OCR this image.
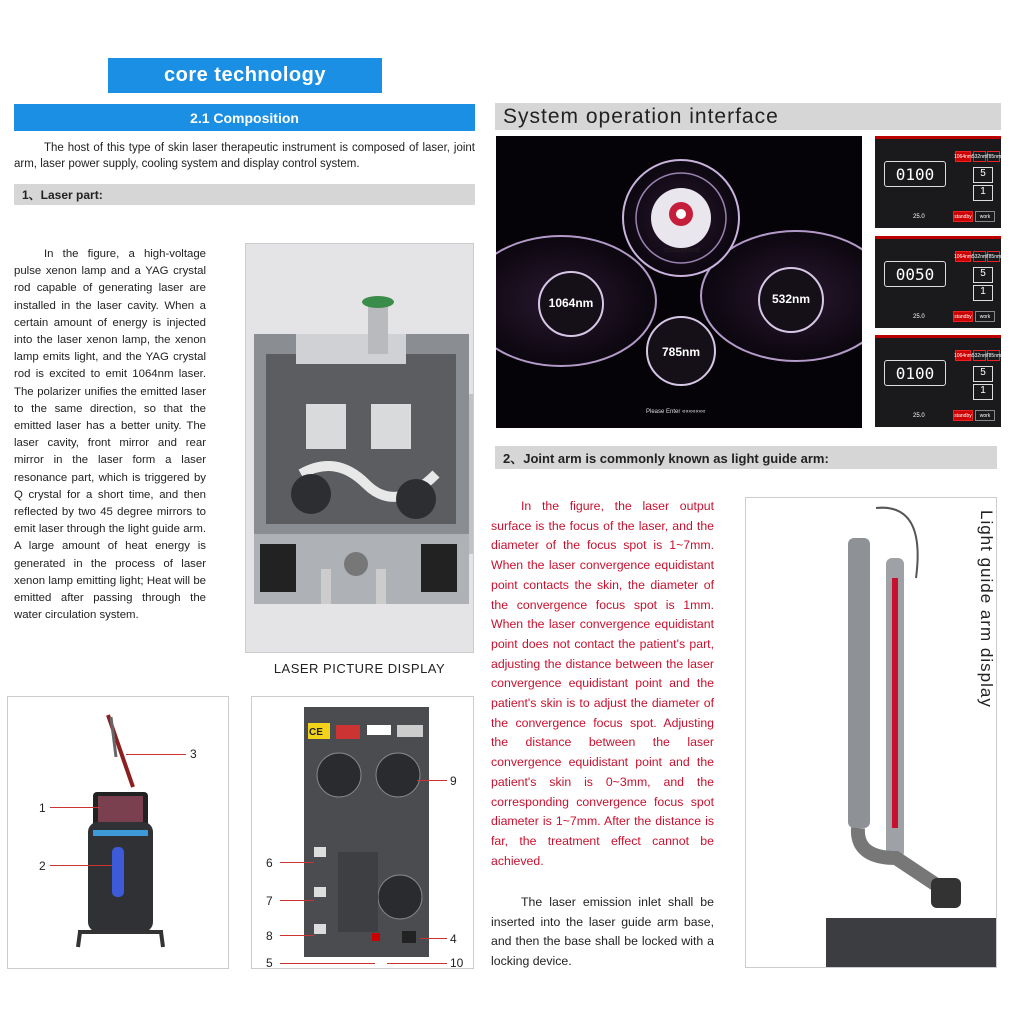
core technology
2.1 Composition
The host of this type of skin laser therapeutic instrument is composed of laser, joint arm, laser power supply, cooling system and display control system.
1、Laser part:
In the figure, a high-voltage pulse xenon lamp and a YAG crystal rod capable of generating laser are installed in the laser cavity. When a certain amount of energy is injected into the laser xenon lamp, the xenon lamp emits light, and the YAG crystal rod is excited to emit 1064nm laser. The polarizer unifies the emitted laser to the same direction, so that the emitted laser has a better unity. The laser cavity, front mirror and rear mirror in the laser form a laser resonance part, which is triggered by Q crystal for a short time, and then reflected by two 45 degree mirrors to emit laser through the light guide arm. A large amount of heat energy is generated in the process of laser xenon lamp emitting light; Heat will be emitted after passing through the water circulation system.
LASER PICTURE DISPLAY
System operation interface
picosecond
1064nm	532nm
785nm
Please Enter «««««««
0100
1064nm 532nm
785nm
5
1
25.0	standby	work
0050
1064nm 532nm
785nm
5
1
25.0	standby	work
0100
1064nm 532nm
785nm
5
1
25.0	standby	work
2、Joint arm is commonly known as light guide arm:
In the figure, the laser output surface is the focus of the laser, and the diameter of the focus spot is 1~7mm. When the laser convergence equidistant point contacts the skin, the diameter of the convergence focus spot is 1mm. When the laser convergence equidistant point does not contact the patient's part, adjusting the distance between the laser convergence equidistant point and the patient's skin is to adjust the diameter of the convergence focus spot. Adjusting the distance between the laser convergence equidistant point and the patient's skin is 0~3mm, and the corresponding convergence focus spot diameter is 1~7mm. After the distance is far, the treatment effect cannot be achieved.
The laser emission inlet shall be inserted into the laser guide arm base, and then the base shall be locked with a locking device.
Light guide arm display
3
1
2
CE
9
6
7
8	4
5	10
